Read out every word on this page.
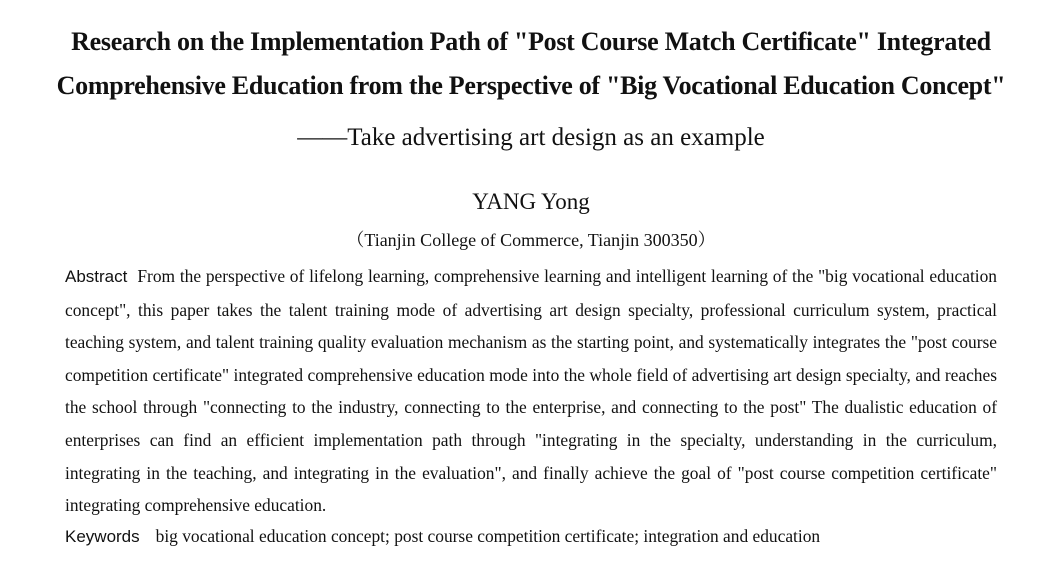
Research on the Implementation Path of "Post Course Match Certificate" Integrated
Comprehensive Education from the Perspective of "Big Vocational Education Concept"
——Take advertising art design as an example
YANG Yong
（Tianjin College of Commerce, Tianjin 300350）
Abstract From the perspective of lifelong learning, comprehensive learning and intelligent learning of the "big vocational education concept", this paper takes the talent training mode of advertising art design specialty, professional curriculum system, practical teaching system, and talent training quality evaluation mechanism as the starting point, and systematically integrates the "post course competition certificate" integrated comprehensive education mode into the whole field of advertising art design specialty, and reaches the school through "connecting to the industry, connecting to the enterprise, and connecting to the post" The dualistic education of enterprises can find an efficient implementation path through "integrating in the specialty, understanding in the curriculum, integrating in the teaching, and integrating in the evaluation", and finally achieve the goal of "post course competition certificate" integrating comprehensive education.
Keywords big vocational education concept; post course competition certificate; integration and education
